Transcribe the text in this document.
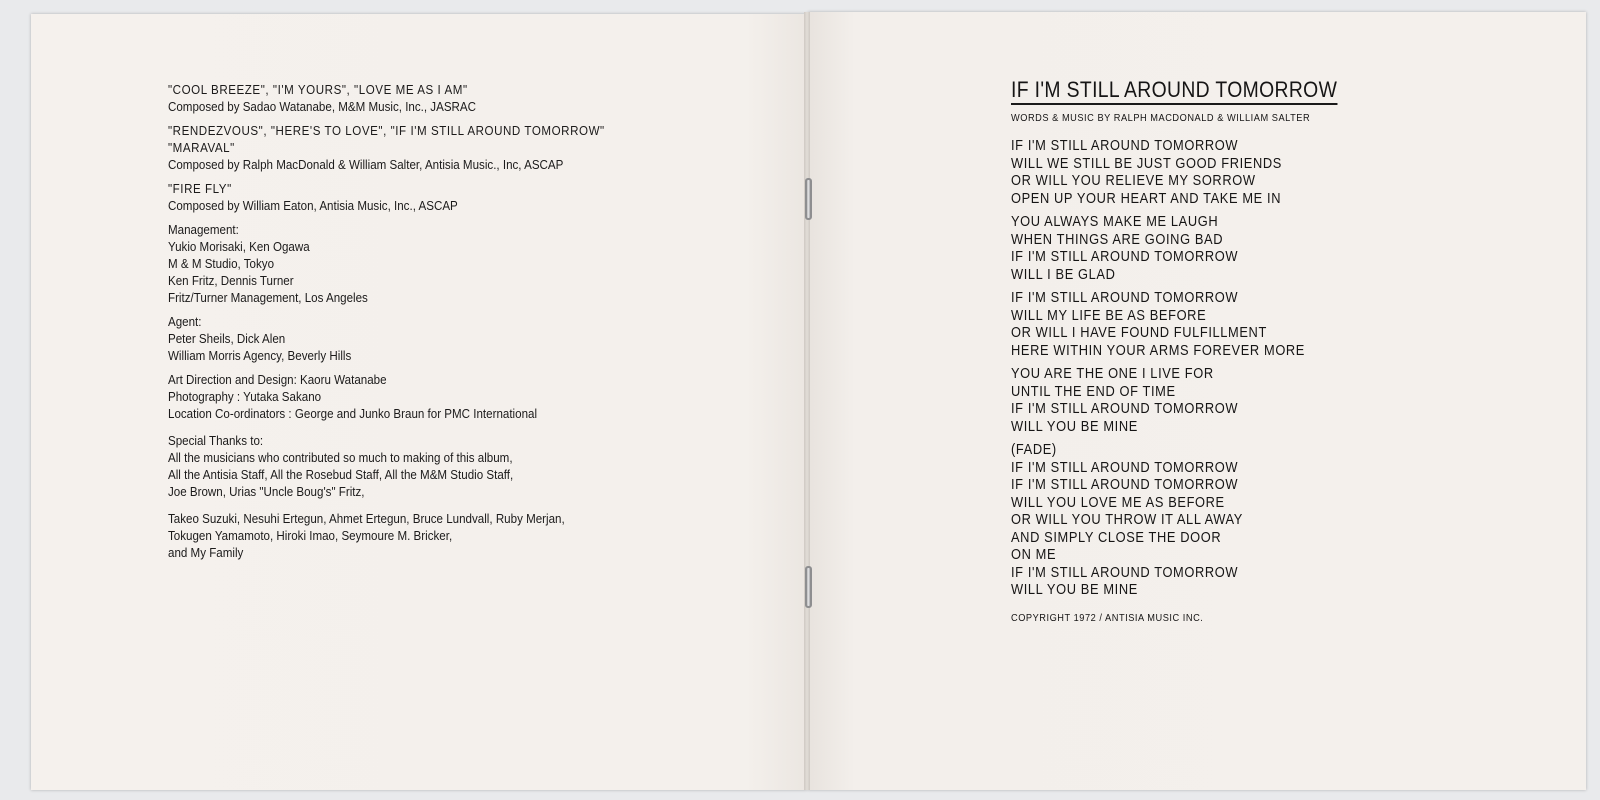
"COOL BREEZE", "I'M YOURS", "LOVE ME AS I AM"
Composed by Sadao Watanabe, M&M Music, Inc., JASRAC
"RENDEZVOUS", "HERE'S TO LOVE", "IF I'M STILL AROUND TOMORROW"
"MARAVAL"
Composed by Ralph MacDonald & William Salter, Antisia Music., Inc, ASCAP
"FIRE FLY"
Composed by William Eaton, Antisia Music, Inc., ASCAP
Management:
Yukio Morisaki, Ken Ogawa
M & M Studio, Tokyo
Ken Fritz, Dennis Turner
Fritz/Turner Management, Los Angeles
Agent:
Peter Sheils, Dick Alen
William Morris Agency, Beverly Hills
Art Direction and Design: Kaoru Watanabe
Photography : Yutaka Sakano
Location Co-ordinators : George and Junko Braun for PMC International
Special Thanks to:
All the musicians who contributed so much to making of this album,
All the Antisia Staff, All the Rosebud Staff, All the M&M Studio Staff,
Joe Brown, Urias "Uncle Boug's" Fritz,
Takeo Suzuki, Nesuhi Ertegun, Ahmet Ertegun, Bruce Lundvall, Ruby Merjan,
Tokugen Yamamoto, Hiroki Imao, Seymoure M. Bricker,
and My Family
IF I'M STILL AROUND TOMORROW
WORDS & MUSIC BY RALPH MACDONALD & WILLIAM SALTER
IF I'M STILL AROUND TOMORROW
WILL WE STILL BE JUST GOOD FRIENDS
OR WILL YOU RELIEVE MY SORROW
OPEN UP YOUR HEART AND TAKE ME IN
YOU ALWAYS MAKE ME LAUGH
WHEN THINGS ARE GOING BAD
IF I'M STILL AROUND TOMORROW
WILL I BE GLAD
IF I'M STILL AROUND TOMORROW
WILL MY LIFE BE AS BEFORE
OR WILL I HAVE FOUND FULFILLMENT
HERE WITHIN YOUR ARMS FOREVER MORE
YOU ARE THE ONE I LIVE FOR
UNTIL THE END OF TIME
IF I'M STILL AROUND TOMORROW
WILL YOU BE MINE
(FADE)
IF I'M STILL AROUND TOMORROW
IF I'M STILL AROUND TOMORROW
WILL YOU LOVE ME AS BEFORE
OR WILL YOU THROW IT ALL AWAY
AND SIMPLY CLOSE THE DOOR
ON ME
IF I'M STILL AROUND TOMORROW
WILL YOU BE MINE
COPYRIGHT 1972 / ANTISIA MUSIC INC.
